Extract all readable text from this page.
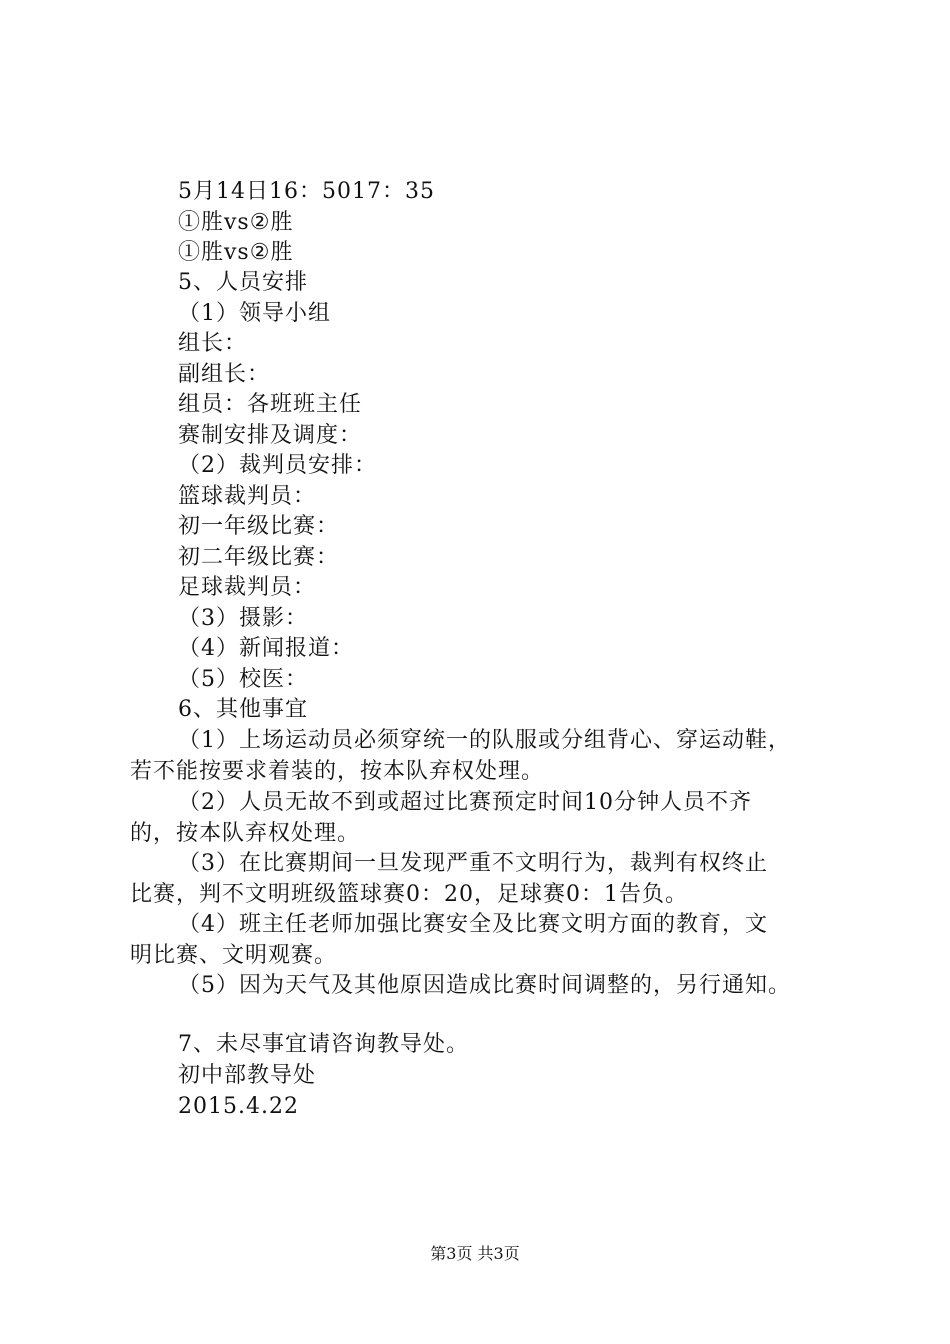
5月14日16：5017：35
①胜vs②胜
①胜vs②胜
5、人员安排
（1）领导小组
组长：
副组长：
组员：各班班主任
赛制安排及调度：
（2）裁判员安排：
篮球裁判员：
初一年级比赛：
初二年级比赛：
足球裁判员：
（3）摄影：
（4）新闻报道：
（5）校医：
6、其他事宜
（1）上场运动员必须穿统一的队服或分组背心、穿运动鞋，
若不能按要求着装的，按本队弃权处理。
（2）人员无故不到或超过比赛预定时间10分钟人员不齐
的，按本队弃权处理。
（3）在比赛期间一旦发现严重不文明行为，裁判有权终止
比赛，判不文明班级篮球赛0：20，足球赛0：1告负。
（4）班主任老师加强比赛安全及比赛文明方面的教育，文
明比赛、文明观赛。
（5）因为天气及其他原因造成比赛时间调整的，另行通知。
7、未尽事宜请咨询教导处。
初中部教导处
2015.4.22
第3页 共3页
